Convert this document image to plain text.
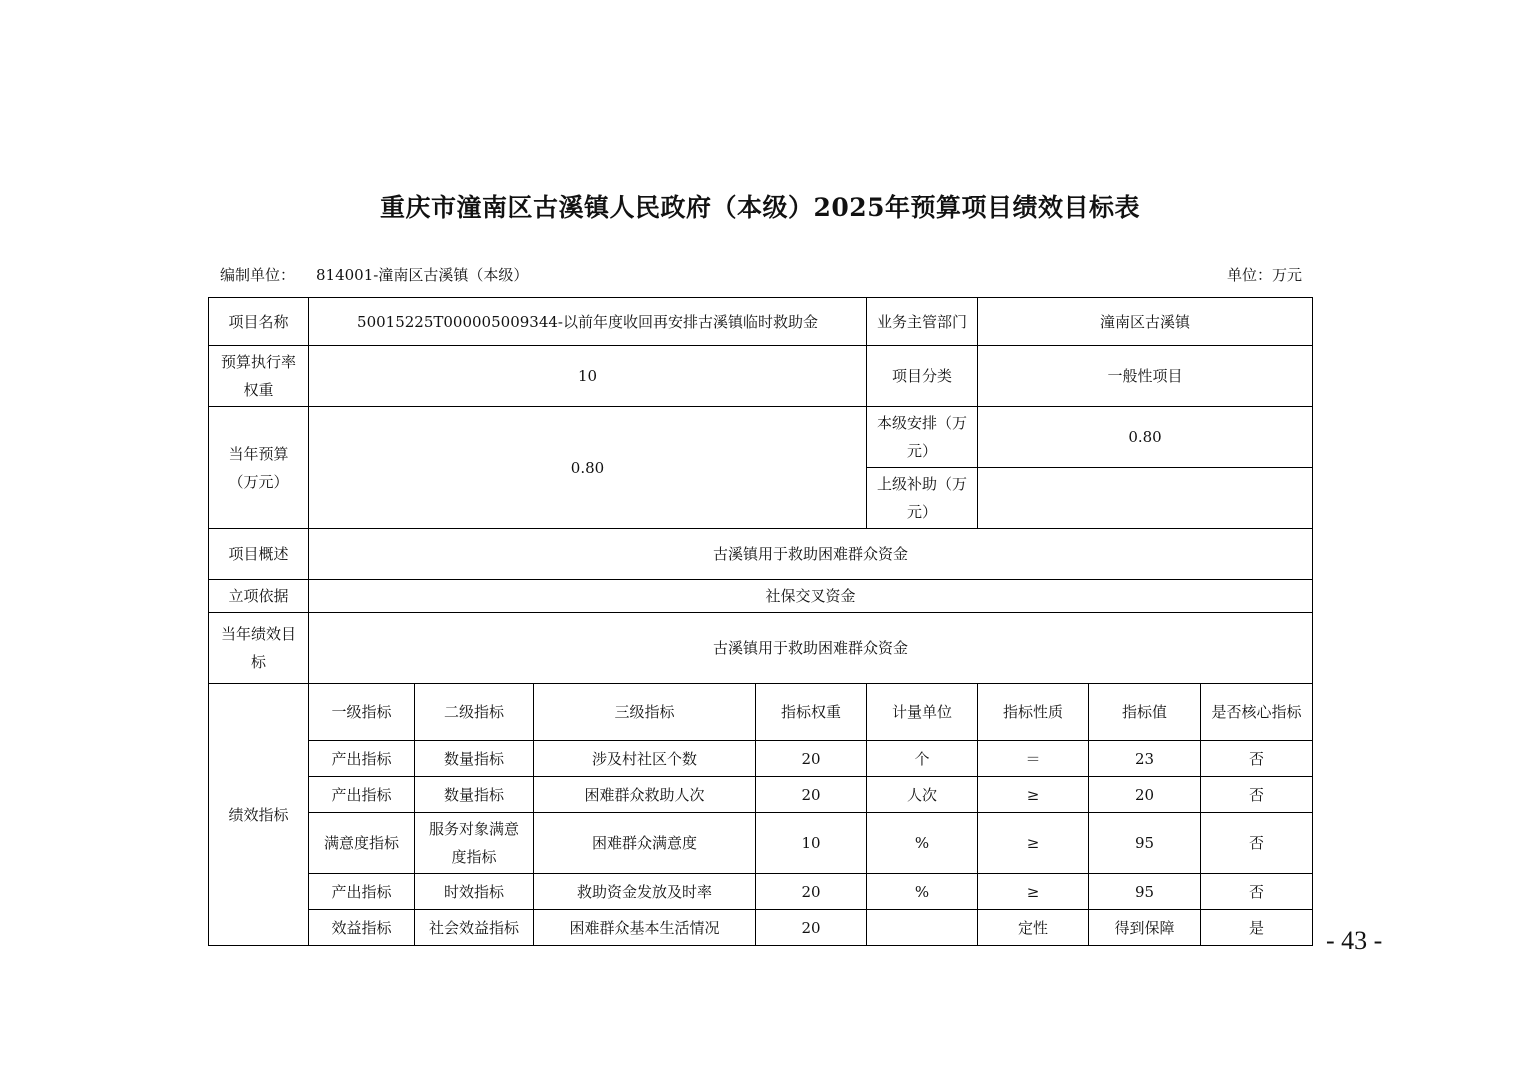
重庆市潼南区古溪镇人民政府（本级）2025年预算项目绩效目标表
编制单位： 814001-潼南区古溪镇（本级）	单位：万元
项目名称	50015225T000005009344-以前年度收回再安排古溪镇临时救助金				业务主管部门	潼南区古溪镇		
预算执行率权重	10				项目分类	一般性项目		
当年预算（万元）	0.80				本级安排（万元）	0.80		
					上级补助（万元）			
项目概述	古溪镇用于救助困难群众资金							
立项依据	社保交叉资金							
当年绩效目标	古溪镇用于救助困难群众资金							
绩效指标	一级指标	二级指标	三级指标	指标权重	计量单位	指标性质	指标值	是否核心指标
	产出指标	数量指标	涉及村社区个数	20	个	＝	23	否
	产出指标	数量指标	困难群众救助人次	20	人次	≥	20	否
	满意度指标	服务对象满意度指标	困难群众满意度	10	%	≥	95	否
	产出指标	时效指标	救助资金发放及时率	20	%	≥	95	否
	效益指标	社会效益指标	困难群众基本生活情况	20		定性	得到保障	是 - 43 -
